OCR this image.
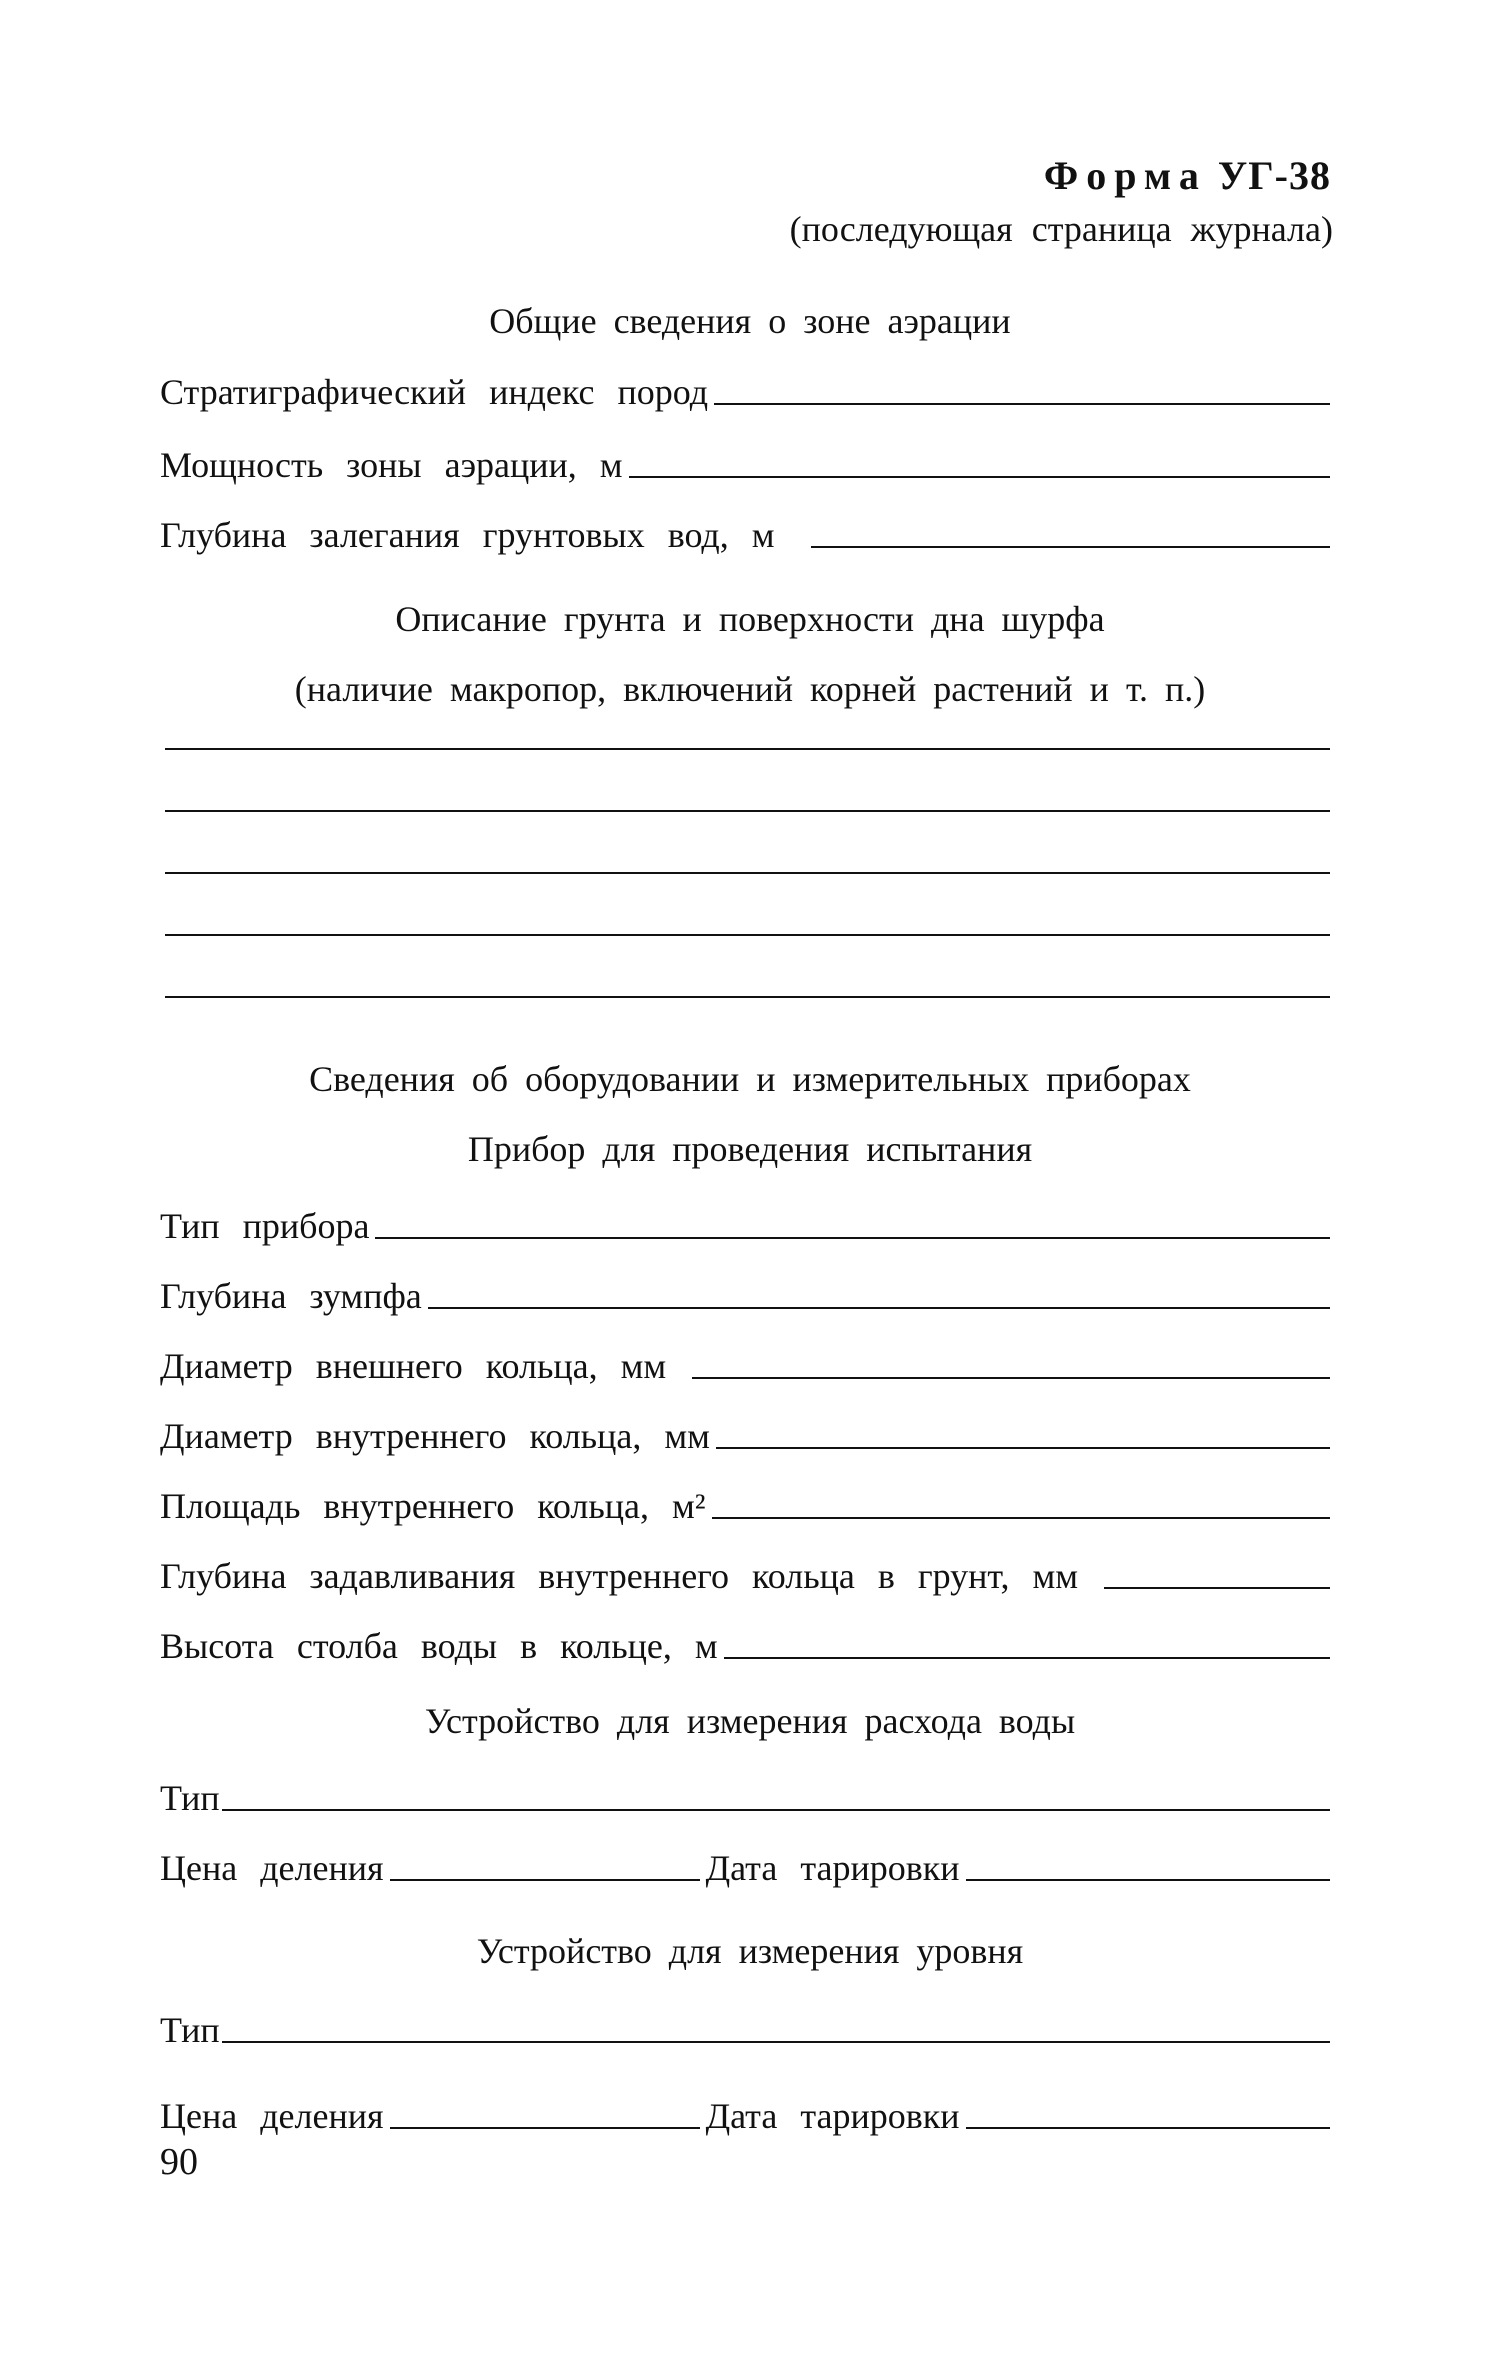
Форма УГ-38
(последующая страница журнала)
Общие сведения о зоне аэрации
Стратиграфический индекс пород
Мощность зоны аэрации, м
Глубина залегания грунтовых вод, м
Описание грунта и поверхности дна шурфа
(наличие макропор, включений корней растений и т. п.)
Сведения об оборудовании и измерительных приборах
Прибор для проведения испытания
Тип прибора
Глубина зумпфа
Диаметр внешнего кольца, мм
Диаметр внутреннего кольца, мм
Площадь внутреннего кольца, м²
Глубина задавливания внутреннего кольца в грунт, мм
Высота столба воды в кольце, м
Устройство для измерения расхода воды
Тип
Цена деления	Дата тарировки
Устройство для измерения уровня
Тип
Цена деления	Дата тарировки
90
